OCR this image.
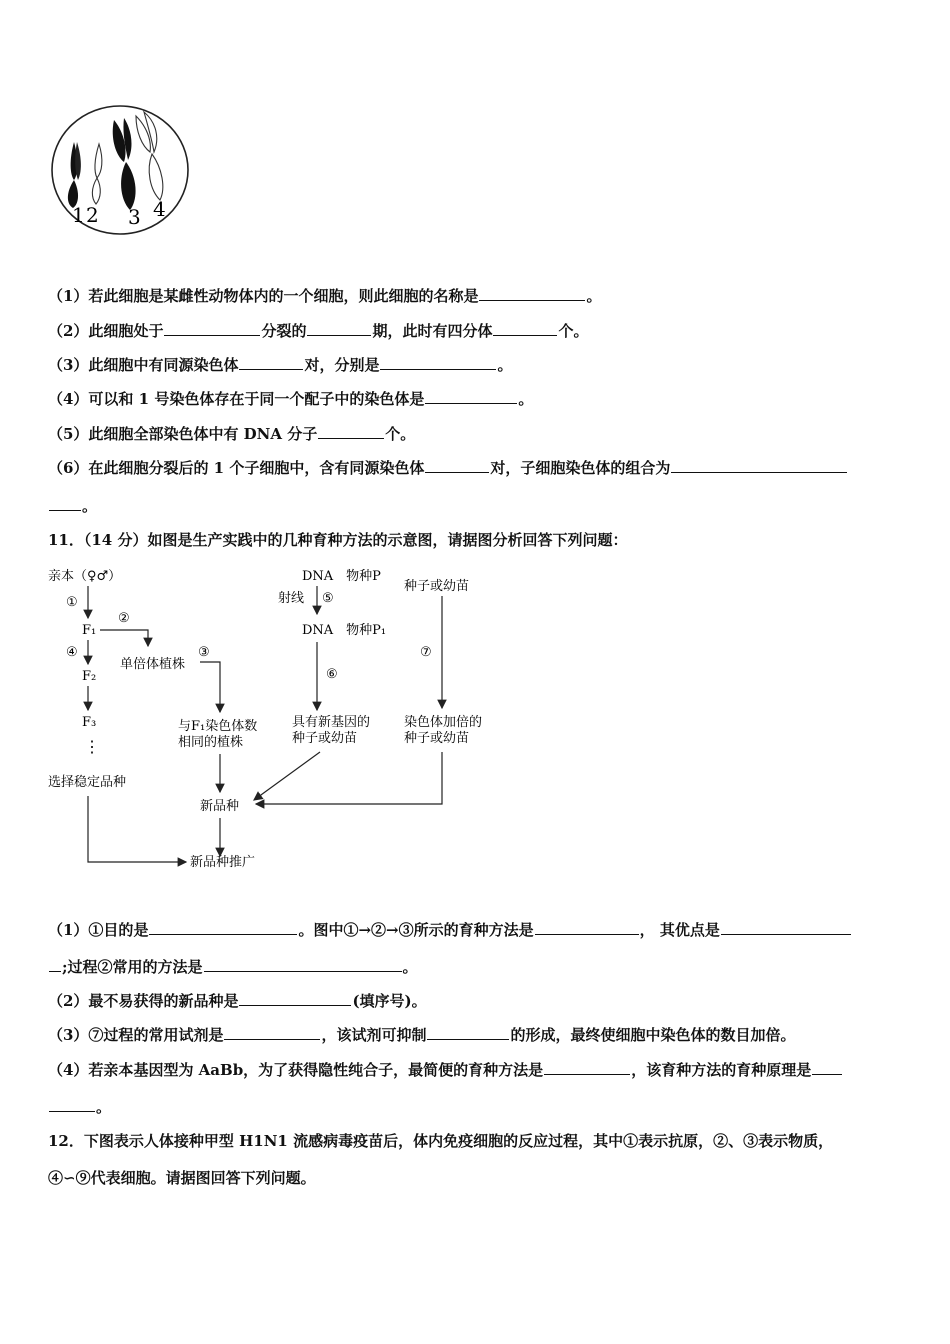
1 2 3 4
（1）若此细胞是某雌性动物体内的一个细胞，则此细胞的名称是	。
（2）此细胞处于	分裂的	期，此时有四分体	个。
（3）此细胞中有同源染色体	对，分别是	。
（4）可以和 1 号染色体存在于同一个配子中的染色体是	。
（5）此细胞全部染色体中有 DNA 分子	个。
（6）在此细胞分裂后的 1 个子细胞中，含有同源染色体	对，子细胞染色体的组合为
。
11．（14 分）如图是生产实践中的几种育种方法的示意图，请据图分析回答下列问题：
亲本（♀♂）
①
F₁
②
④
F₂
F₃
⋮
选择稳定品种
新品种推广
单倍体植株
③
与F₁染色体数
相同的植株
新品种
DNA　物种P
射线 ⑤
DNA　物种P₁
⑥
具有新基因的
种子或幼苗
种子或幼苗
⑦
染色体加倍的
种子或幼苗
（1）①目的是	。图中①→②→③所示的育种方法是	， 其优点是
;过程②常用的方法是	。
（2）最不易获得的新品种是	(填序号)。
（3）⑦过程的常用试剂是	，该试剂可抑制	的形成，最终使细胞中染色体的数目加倍。
（4）若亲本基因型为 AaBb，为了获得隐性纯合子，最简便的育种方法是	，该育种方法的育种原理是
。
12．下图表示人体接种甲型 H1N1 流感病毒疫苗后，体内免疫细胞的反应过程，其中①表示抗原，②、③表示物质，
④∽⑨代表细胞。请据图回答下列问题。
